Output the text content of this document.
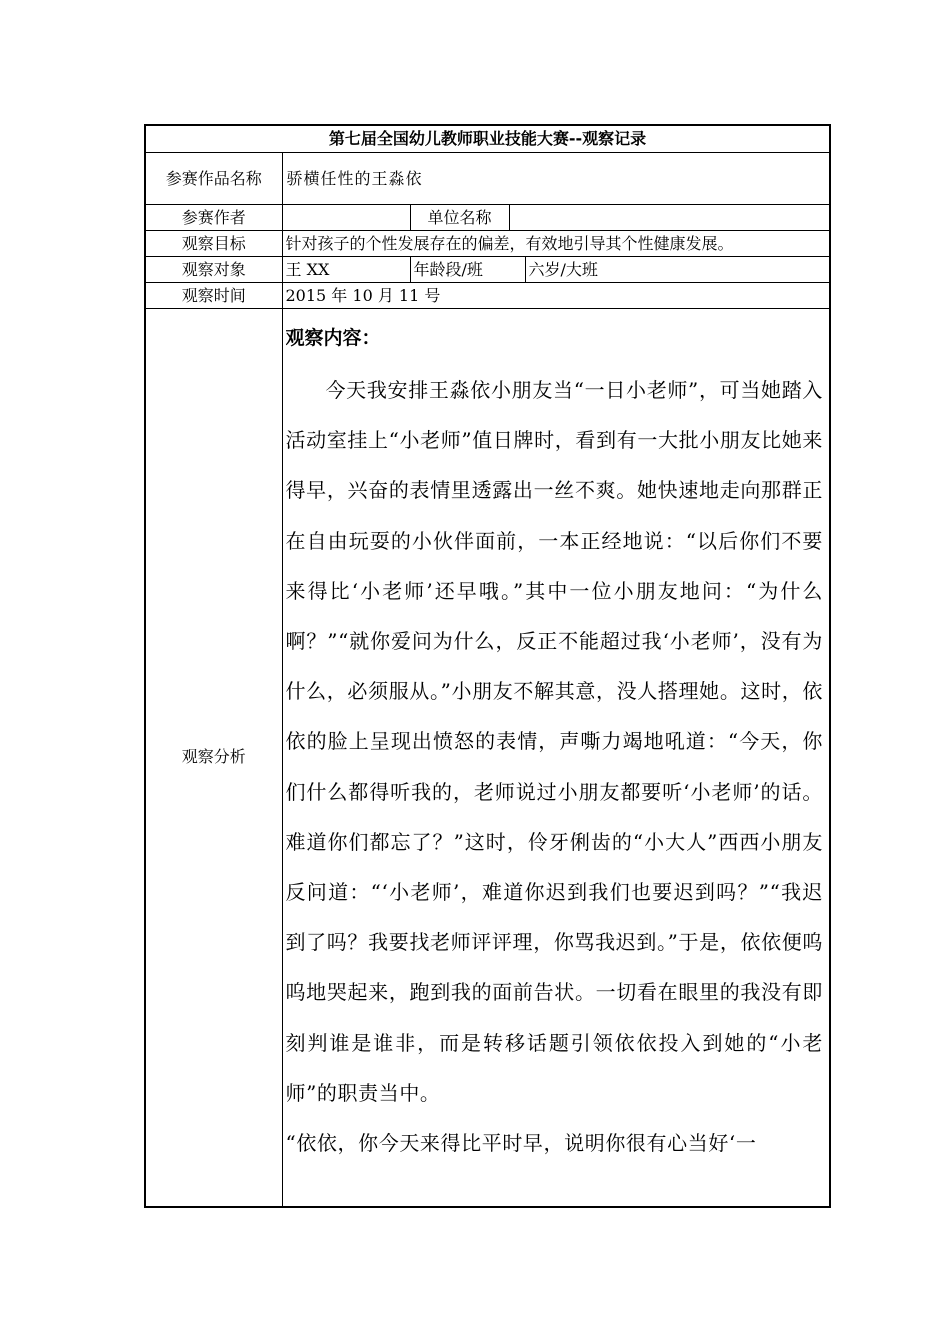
第七届全国幼儿教师职业技能大赛--观察记录				
参赛作品名称	骄横任性的王淼依			
参赛作者		单位名称		
观察目标	针对孩子的个性发展存在的偏差，有效地引导其个性健康发展。			
观察对象	王 XX	年龄段/班		六岁/大班
观察时间	2015 年 10 月 11 号			
观察分析	观察内容：

今天我安排王淼依小朋友当“一日小老师”，可当她踏入活动室挂上“小老师”值日牌时，看到有一大批小朋友比她来得早，兴奋的表情里透露出一丝不爽。她快速地走向那群正在自由玩耍的小伙伴面前，一本正经地说：“以后你们不要来得比‘小老师’还早哦。”其中一位小朋友地问：“为什么啊？”“就你爱问为什么，反正不能超过我‘小老师’，没有为什么，必须服从。”小朋友不解其意，没人搭理她。这时，依依的脸上呈现出愤怒的表情，声嘶力竭地吼道：“今天，你们什么都得听我的，老师说过小朋友都要听‘小老师’的话。难道你们都忘了？”这时，伶牙俐齿的“小大人”西西小朋友反问道：“‘小老师’，难道你迟到我们也要迟到吗？”“我迟到了吗？我要找老师评评理，你骂我迟到。”于是，依依便呜呜地哭起来，跑到我的面前告状。一切看在眼里的我没有即刻判谁是谁非，而是转移话题引领依依投入到她的“小老师”的职责当中。

“依依，你今天来得比平时早，说明你很有心当好‘一			
